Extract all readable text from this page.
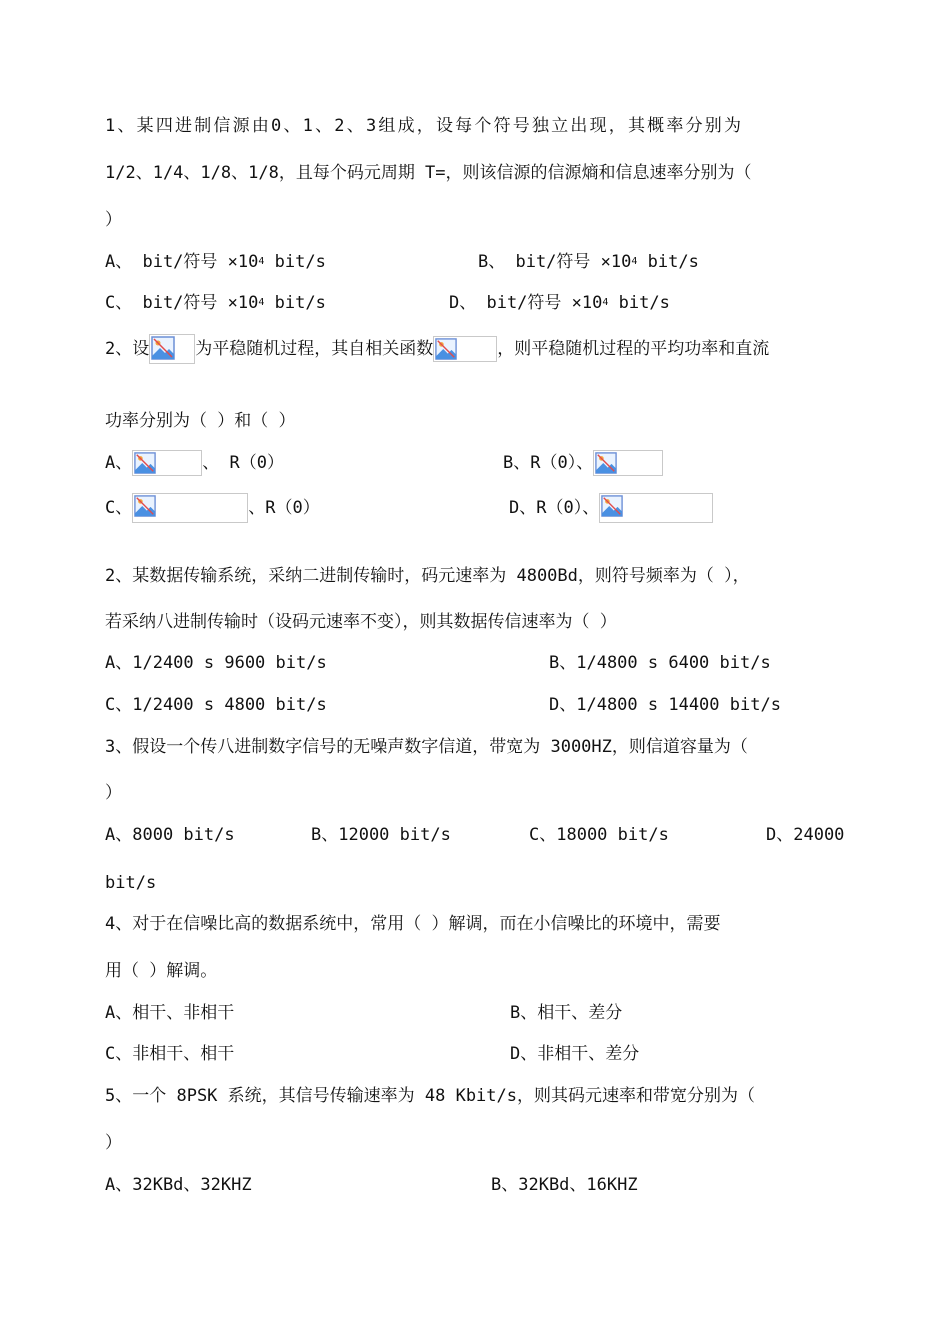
1、某四进制信源由0、1、2、3组成，设每个符号独立出现，其概率分别为
1/2、1/4、1/8、1/8，且每个码元周期 T=，则该信源的信源熵和信息速率分别为（
）
A、 bit/符号 $\times 10^4$ bit/s	B、 bit/符号 $\times 10^4$ bit/s
C、 bit/符号 $\times 10^4$ bit/s	D、 bit/符号 $\times 10^4$ bit/s
2、设	为平稳随机过程，其自相关函数	，则平稳随机过程的平均功率和直流
功率分别为（ ）和（ ）
A、	、 R（0）	B、R（0）、
C、	、R（0）	D、R（0）、
2、某数据传输系统，采纳二进制传输时，码元速率为 4800Bd，则符号频率为（ ），
若采纳八进制传输时（设码元速率不变），则其数据传信速率为（ ）
A、1/2400 s 9600 bit/s	B、1/4800 s 6400 bit/s
C、1/2400 s 4800 bit/s	D、1/4800 s 14400 bit/s
3、假设一个传八进制数字信号的无噪声数字信道，带宽为 3000HZ，则信道容量为（
）
A、8000 bit/s	B、12000 bit/s	C、18000 bit/s	D、24000
bit/s
4、对于在信噪比高的数据系统中，常用（ ）解调，而在小信噪比的环境中，需要
用（ ）解调。
A、相干、非相干	B、相干、差分
C、非相干、相干	D、非相干、差分
5、一个 8PSK 系统，其信号传输速率为 48 Kbit/s，则其码元速率和带宽分别为（
）
A、32KBd、32KHZ	B、32KBd、16KHZ
